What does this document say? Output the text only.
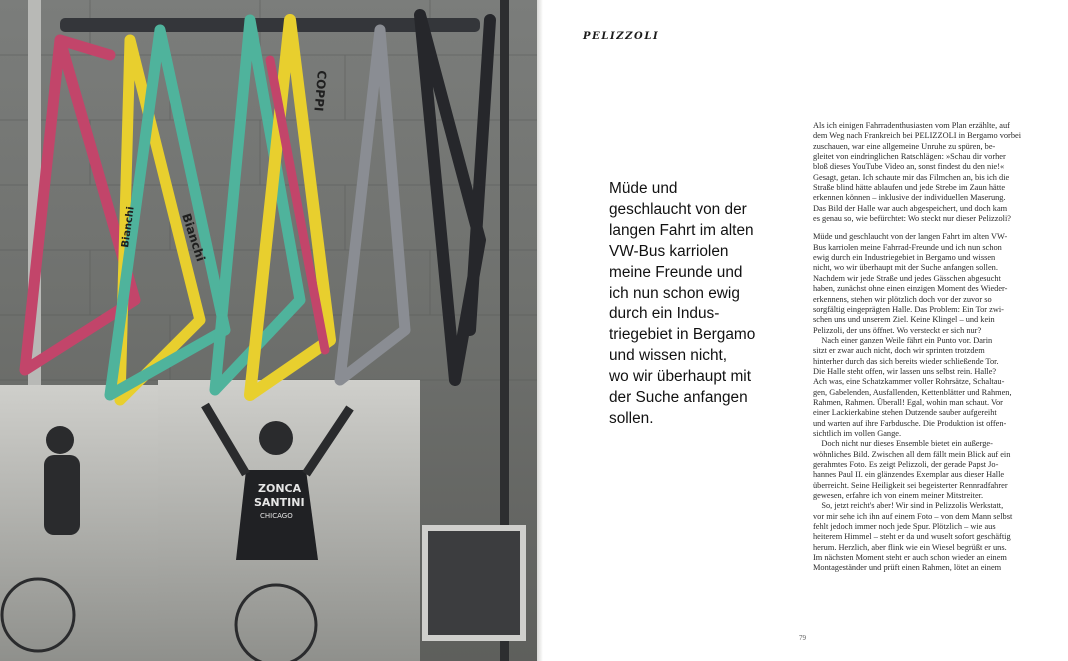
ZONCA
SANTINI
CHICAGO
Bianchi
COPPI
Bianchi
PELIZZOLI

Müde und
geschlaucht von der
langen Fahrt im alten
VW-Bus karriolen
meine Freunde und
ich nun schon ewig
durch ein Indus-
triegebiet in Bergamo
und wissen nicht,
wo wir überhaupt mit
der Suche anfangen
sollen.

Als ich einigen Fahrradenthusiasten vom Plan erzählte, auf
dem Weg nach Frankreich bei PELIZZOLI in Bergamo vorbei
zuschauen, war eine allgemeine Unruhe zu spüren, be-
gleitet von eindringlichen Ratschlägen: »Schau dir vorher
bloß dieses YouTube Video an, sonst findest du den nie!«
Gesagt, getan. Ich schaute mir das Filmchen an, bis ich die
Straße blind hätte ablaufen und jede Strebe im Zaun hätte
erkennen können – inklusive der individuellen Maserung.
Das Bild der Halle war auch abgespeichert, und doch kam
es genau so, wie befürchtet: Wo steckt nur dieser Pelizzoli?
Müde und geschlaucht von der langen Fahrt im alten VW-
Bus karriolen meine Fahrrad-Freunde und ich nun schon
ewig durch ein Industriegebiet in Bergamo und wissen
nicht, wo wir überhaupt mit der Suche anfangen sollen.
Nachdem wir jede Straße und jedes Gässchen abgesucht
haben, zunächst ohne einen einzigen Moment des Wieder-
erkennens, stehen wir plötzlich doch vor der zuvor so
sorgfältig eingeprägten Halle. Das Problem: Ein Tor zwi-
schen uns und unserem Ziel. Keine Klingel – und kein
Pelizzoli, der uns öffnet. Wo versteckt er sich nur?
 Nach einer ganzen Weile fährt ein Punto vor. Darin
sitzt er zwar auch nicht, doch wir sprinten trotzdem
hinterher durch das sich bereits wieder schließende Tor.
Die Halle steht offen, wir lassen uns selbst rein. Halle?
Ach was, eine Schatzkammer voller Rohrsätze, Schaltau-
gen, Gabelenden, Ausfallenden, Kettenblätter und Rahmen,
Rahmen, Rahmen. Überall! Egal, wohin man schaut. Vor
einer Lackierkabine stehen Dutzende sauber aufgereiht
und warten auf ihre Farbdusche. Die Produktion ist offen-
sichtlich im vollen Gange.
 Doch nicht nur dieses Ensemble bietet ein außerge-
wöhnliches Bild. Zwischen all dem fällt mein Blick auf ein
gerahmtes Foto. Es zeigt Pelizzoli, der gerade Papst Jo-
hannes Paul II. ein glänzendes Exemplar aus dieser Halle
überreicht. Seine Heiligkeit sei begeisterter Rennradfahrer
gewesen, erfahre ich von einem meiner Mitstreiter.
 So, jetzt reicht's aber! Wir sind in Pelizzolis Werkstatt,
vor mir sehe ich ihn auf einem Foto – von dem Mann selbst
fehlt jedoch immer noch jede Spur. Plötzlich – wie aus
heiterem Himmel – steht er da und wuselt sofort geschäftig
herum. Herzlich, aber flink wie ein Wiesel begrüßt er uns.
Im nächsten Moment steht er auch schon wieder an einem
Montageständer und prüft einen Rahmen, lötet an einem
79
